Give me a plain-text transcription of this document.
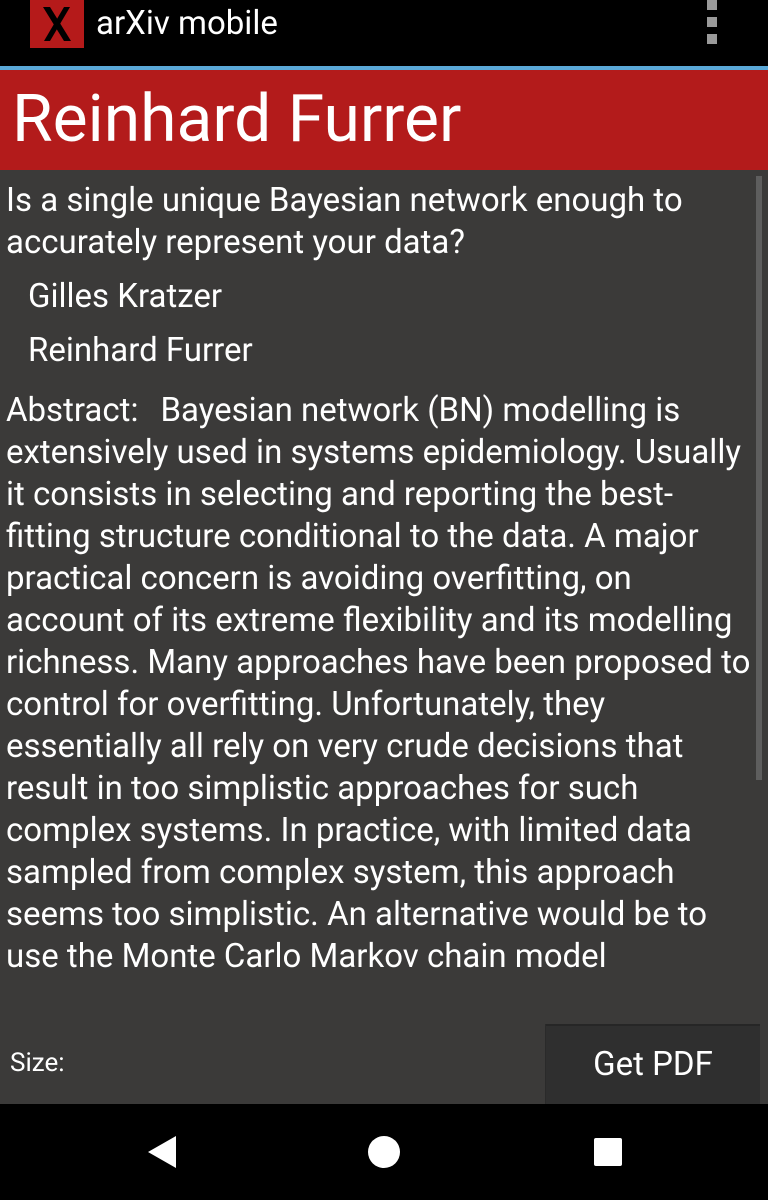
arXiv mobile
Reinhard Furrer
Is a single unique Bayesian network enough to accurately represent your data?
Gilles Kratzer
Reinhard Furrer
Abstract: Bayesian network (BN) modelling is extensively used in systems epidemiology. Usually it consists in selecting and reporting the best-fitting structure conditional to the data. A major practical concern is avoiding overfitting, on account of its extreme flexibility and its modelling richness. Many approaches have been proposed to control for overfitting. Unfortunately, they essentially all rely on very crude decisions that result in too simplistic approaches for such complex systems. In practice, with limited data sampled from complex system, this approach seems too simplistic. An alternative would be to use the Monte Carlo Markov chain model
Size:	Get PDF
